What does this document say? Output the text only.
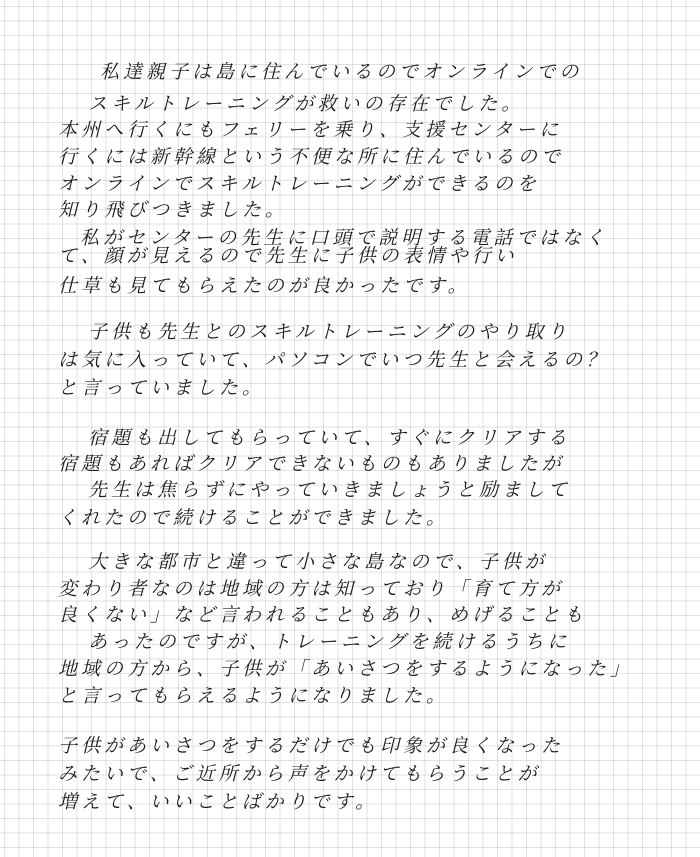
私達親子は島に住んでいるのでオンラインでの
スキルトレーニングが救いの存在でした。
本州へ行くにもフェリーを乗り、支援センターに
行くには新幹線という不便な所に住んでいるので
オンラインでスキルトレーニングができるのを
知り飛びつきました。
私がセンターの先生に口頭で説明する電話ではなく
て、顔が見えるので先生に子供の表情や行い
仕草も見てもらえたのが良かったです。
子供も先生とのスキルトレーニングのやり取り
は気に入っていて、パソコンでいつ先生と会えるの？
と言っていました。
宿題も出してもらっていて、すぐにクリアする
宿題もあればクリアできないものもありましたが
先生は焦らずにやっていきましょうと励まして
くれたので続けることができました。
大きな都市と違って小さな島なので、子供が
変わり者なのは地域の方は知っており「育て方が
良くない」など言われることもあり、めげることも
あったのですが、トレーニングを続けるうちに
地域の方から、子供が「あいさつをするようになった」
と言ってもらえるようになりました。
子供があいさつをするだけでも印象が良くなった
みたいで、ご近所から声をかけてもらうことが
増えて、いいことばかりです。
